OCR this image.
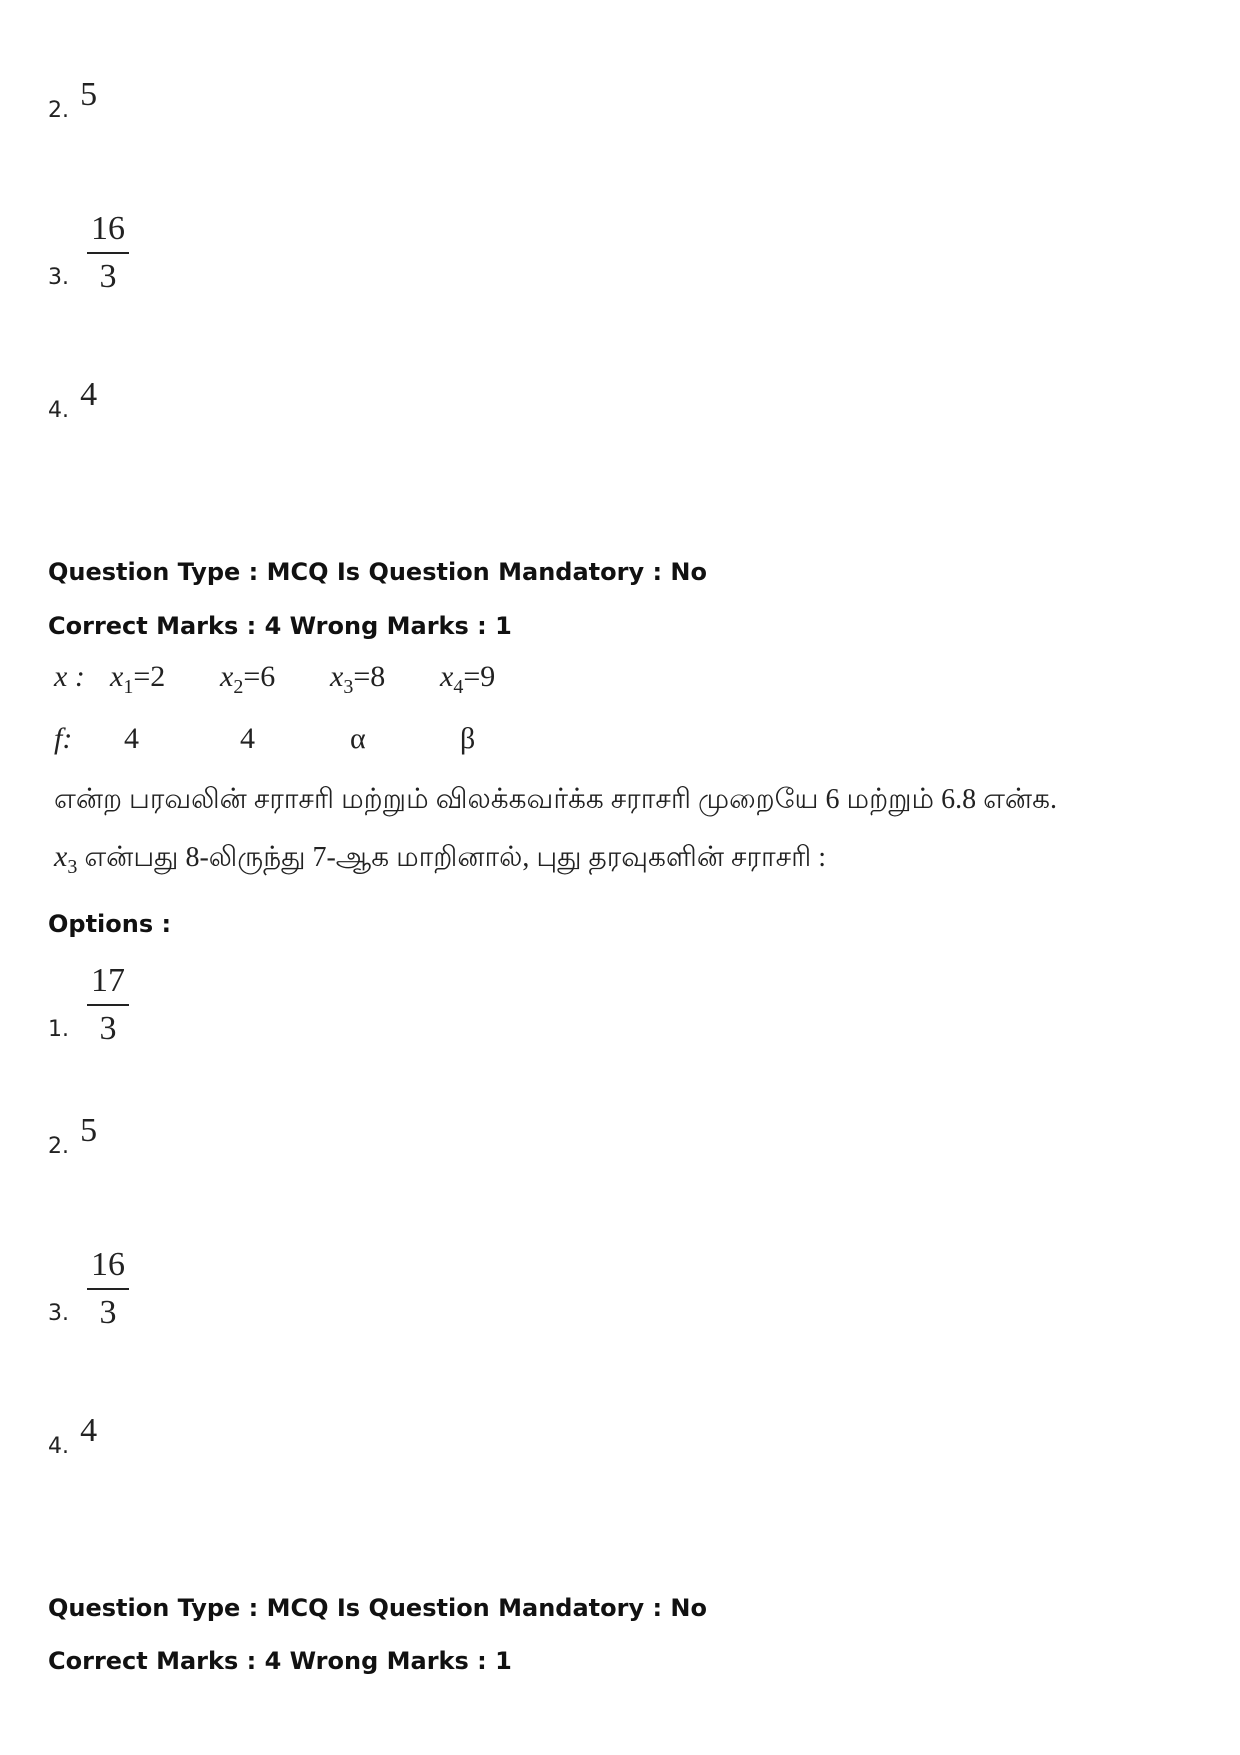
2. 5
3. $\frac{16}{3}$
4. 4
Question Type : MCQ Is Question Mandatory : No
Correct Marks : 4 Wrong Marks : 1
x : $x_1=2$ $x_2=6$ $x_3=8$ $x_4=9$
f: 4	4	α	β
என்ற பரவலின் சராசரி மற்றும் விலக்கவர்க்க சராசரி முறையே 6 மற்றும் 6.8 என்க.
$x_3$ என்பது 8-லிருந்து 7-ஆக மாறினால், புது தரவுகளின் சராசரி :
Options :
1. $\frac{17}{3}$
2. 5
3. $\frac{16}{3}$
4. 4
Question Type : MCQ Is Question Mandatory : No
Correct Marks : 4 Wrong Marks : 1
